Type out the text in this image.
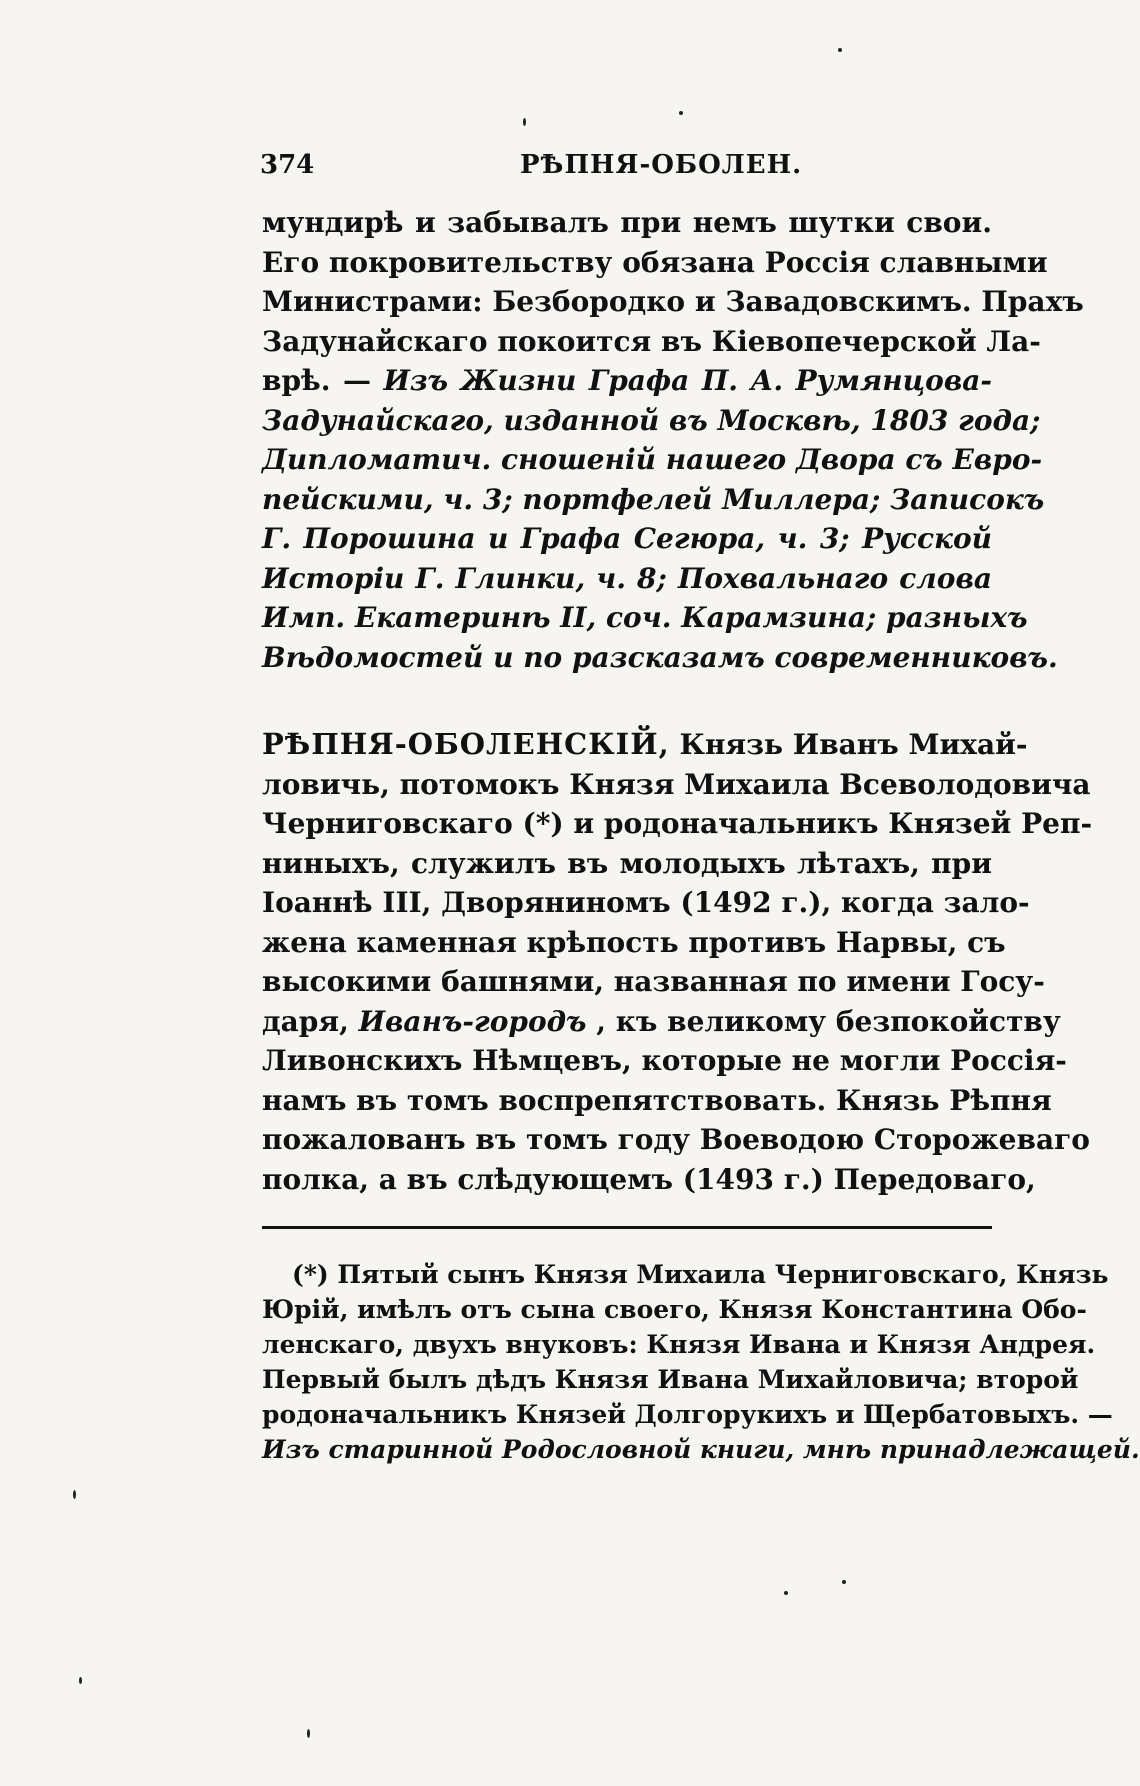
374	РѢПНЯ-ОБОЛЕН.
мундирѣ и забывалъ при немъ шутки свои.
Его покровительству обязана Россія славными
Министрами: Безбородко и Завадовскимъ. Прахъ
Задунайскаго покоится въ Кіевопечерской Ла-
врѣ. — Изъ Жизни Графа П. А. Румянцова-
Задунайскаго, изданной въ Москвѣ, 1803 года;
Дипломатич. сношеній нашего Двора съ Евро-
пейскими, ч. 3; портфелей Миллера; Записокъ
Г. Порошина и Графа Сегюра, ч. 3; Русской
Исторіи Г. Глинки, ч. 8; Похвальнаго слова
Имп. Екатеринѣ II, соч. Карамзина; разныхъ
Вѣдомостей и по разсказамъ современниковъ.
РѢПНЯ-ОБОЛЕНСКІЙ, Князь Иванъ Михай-
ловичь, потомокъ Князя Михаила Всеволодовича
Черниговскаго (*) и родоначальникъ Князей Реп-
ниныхъ, служилъ въ молодыхъ лѣтахъ, при
Іоаннѣ III, Дворяниномъ (1492 г.), когда зало-
жена каменная крѣпость противъ Нарвы, съ
высокими башнями, названная по имени Госу-
даря, Иванъ-городъ , къ великому безпокойству
Ливонскихъ Нѣмцевъ, которые не могли Россія-
намъ въ томъ воспрепятствовать. Князь Рѣпня
пожалованъ въ томъ году Воеводою Сторожеваго
полка, а въ слѣдующемъ (1493 г.) Передоваго,
(*) Пятый сынъ Князя Михаила Черниговскаго, Князь
Юрій, имѣлъ отъ сына своего, Князя Константина Обо-
ленскаго, двухъ внуковъ: Князя Ивана и Князя Андрея.
Первый былъ дѣдъ Князя Ивана Михайловича; второй
родоначальникъ Князей Долгорукихъ и Щербатовыхъ. —
Изъ старинной Родословной книги, мнѣ принадлежащей.
